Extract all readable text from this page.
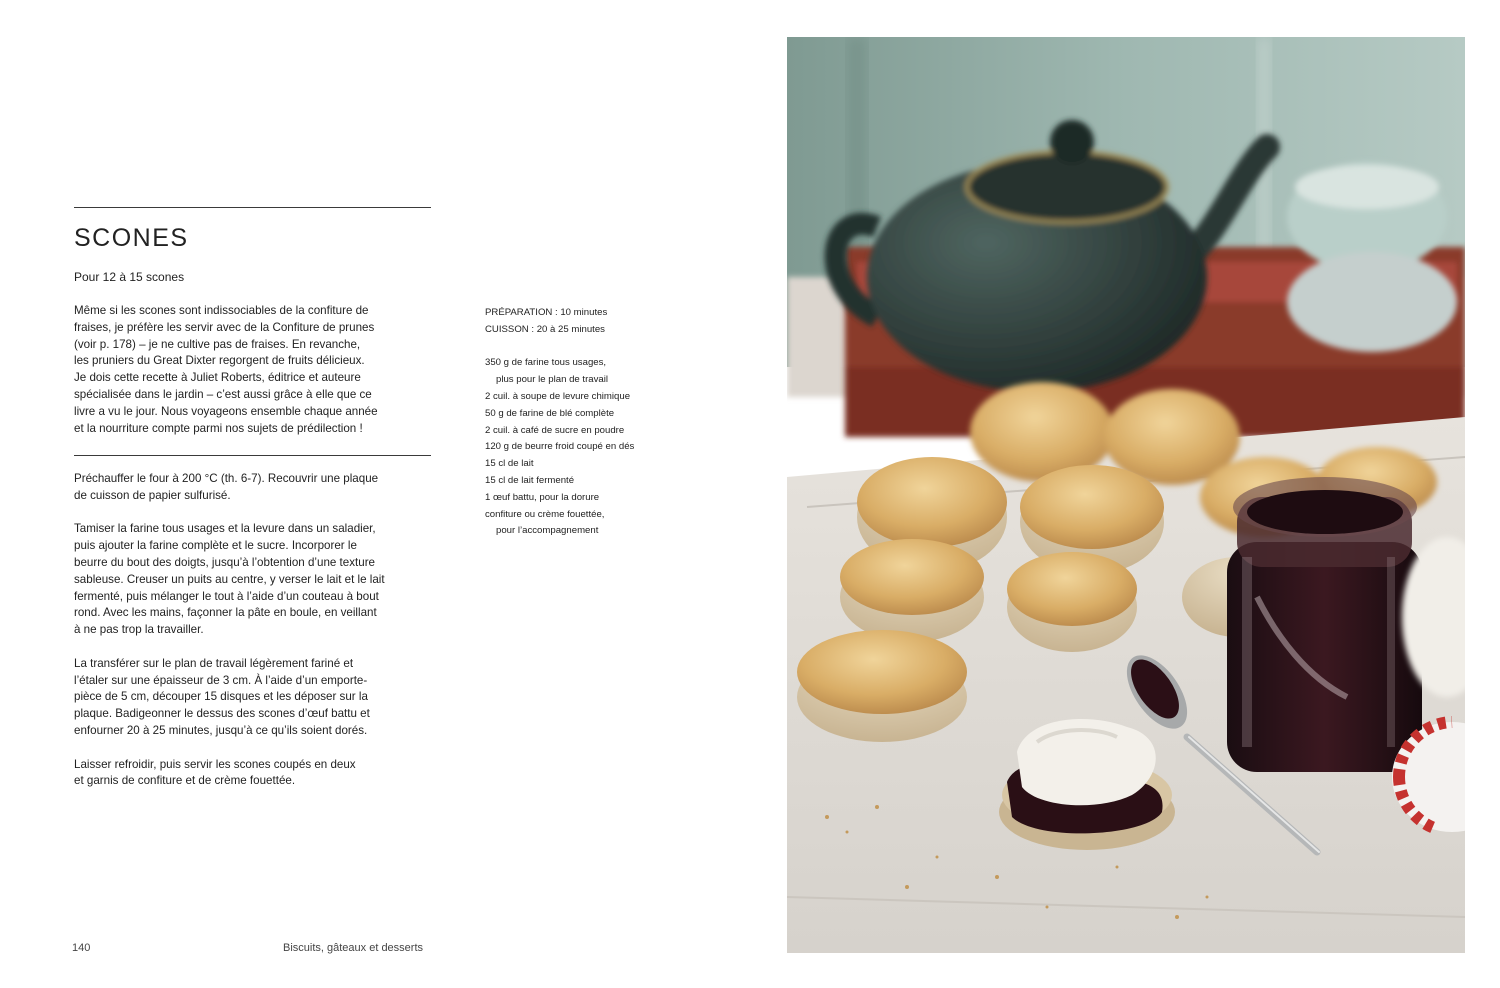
SCONES
Pour 12 à 15 scones

Même si les scones sont indissociables de la confiture de
fraises, je préfère les servir avec de la Confiture de prunes
(voir p. 178) – je ne cultive pas de fraises. En revanche,
les pruniers du Great Dixter regorgent de fruits délicieux.
Je dois cette recette à Juliet Roberts, éditrice et auteure
spécialisée dans le jardin – c’est aussi grâce à elle que ce
livre a vu le jour. Nous voyageons ensemble chaque année
et la nourriture compte parmi nos sujets de prédilection !

Préchauffer le four à 200 °C (th. 6-7). Recouvrir une plaque
de cuisson de papier sulfurisé.

Tamiser la farine tous usages et la levure dans un saladier,
puis ajouter la farine complète et le sucre. Incorporer le
beurre du bout des doigts, jusqu’à l’obtention d’une texture
sableuse. Creuser un puits au centre, y verser le lait et le lait
fermenté, puis mélanger le tout à l’aide d’un couteau à bout
rond. Avec les mains, façonner la pâte en boule, en veillant
à ne pas trop la travailler.

La transférer sur le plan de travail légèrement fariné et
l’étaler sur une épaisseur de 3 cm. À l’aide d’un emporte-
pièce de 5 cm, découper 15 disques et les déposer sur la
plaque. Badigeonner le dessus des scones d’œuf battu et
enfourner 20 à 25 minutes, jusqu’à ce qu’ils soient dorés.

Laisser refroidir, puis servir les scones coupés en deux
et garnis de confiture et de crème fouettée.

PRÉPARATION : 10 minutes
CUISSON : 20 à 25 minutes
350 g de farine tous usages,
plus pour le plan de travail
2 cuil. à soupe de levure chimique
50 g de farine de blé complète
2 cuil. à café de sucre en poudre
120 g de beurre froid coupé en dés
15 cl de lait
15 cl de lait fermenté
1 œuf battu, pour la dorure
confiture ou crème fouettée,
pour l’accompagnement
140	Biscuits, gâteaux et desserts
